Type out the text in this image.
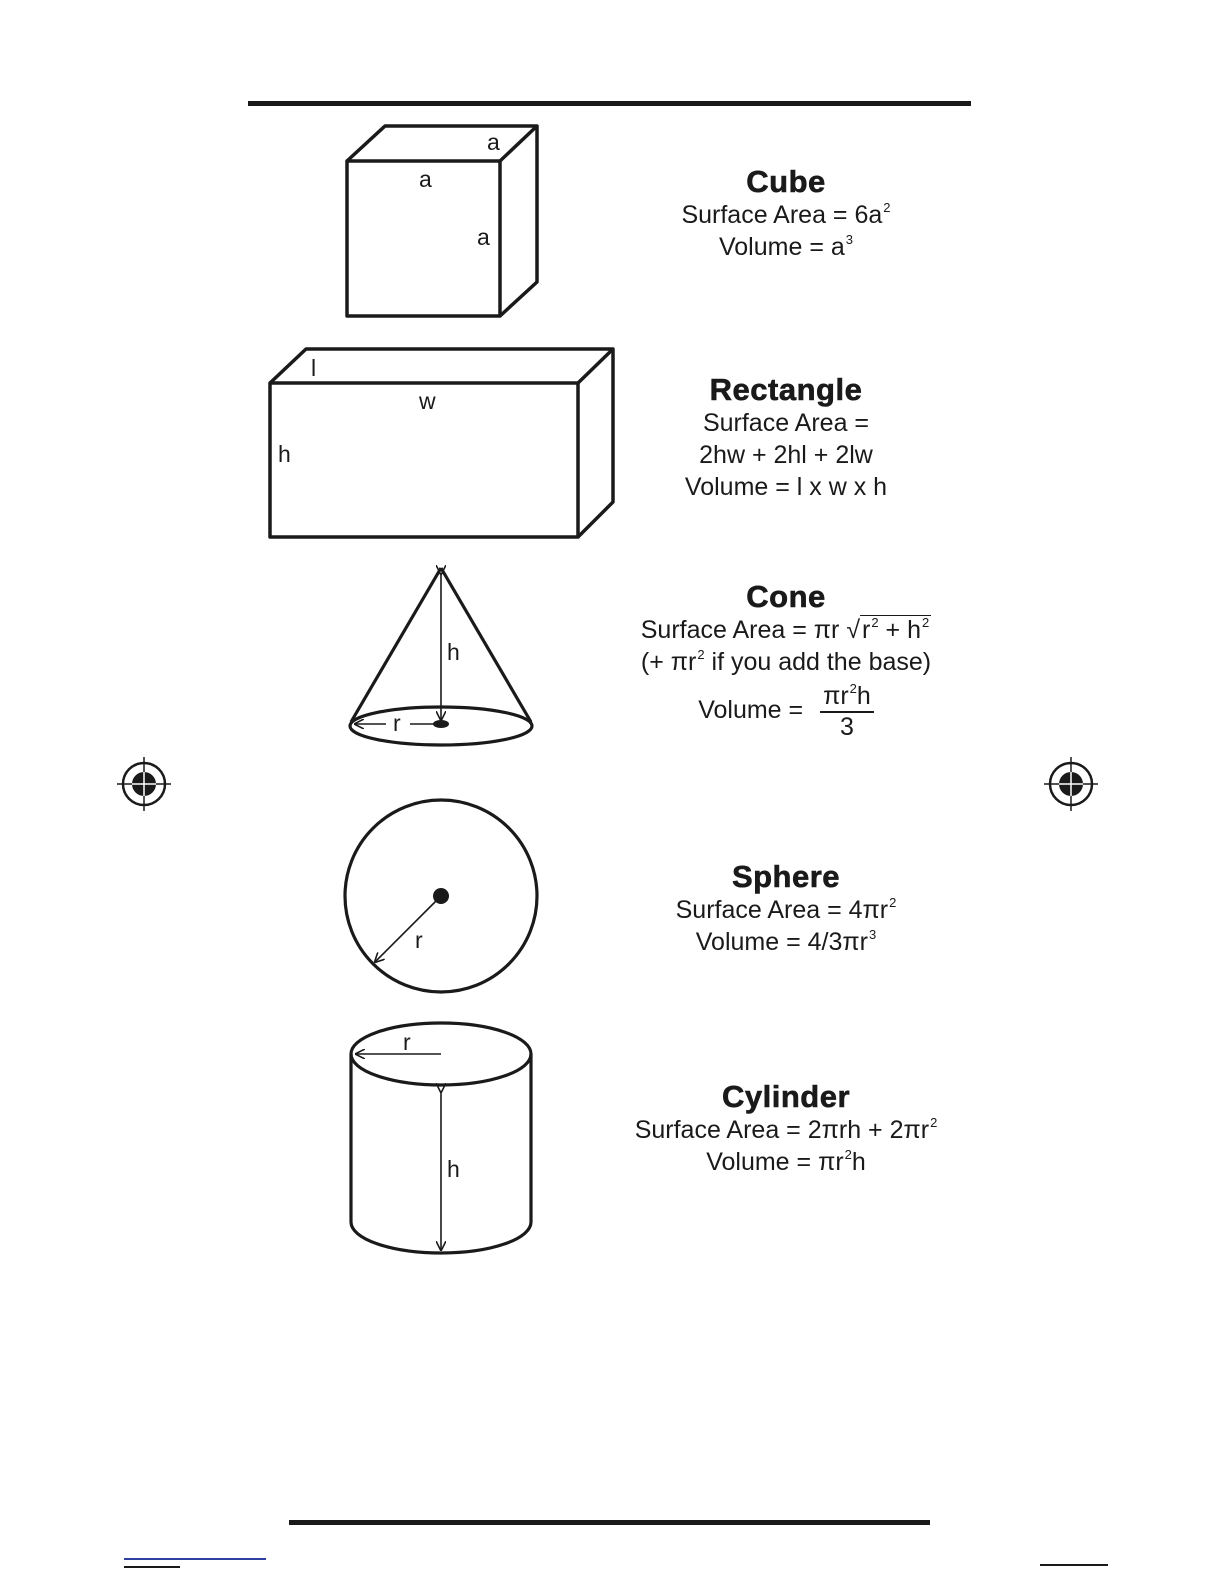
a
a
a
l
w
h
h
r
r
r
h
Cube
Surface Area = $6a^2$
Volume = $a^3$
Rectangle
Surface Area =
2hw + 2hl + 2lw
Volume = l x w x h
Cone
Surface Area = πr $√r^2 + h^2$
(+ $\pi r^2$ if you add the base)
Volume = $\frac{\pi r^2h}{3}$
Sphere
Surface Area = $4\pi r^2$
Volume = $4/3\pi r^3$
Cylinder
Surface Area = $2\pi rh + 2\pi r^2$
Volume = $\pi r^2h$
